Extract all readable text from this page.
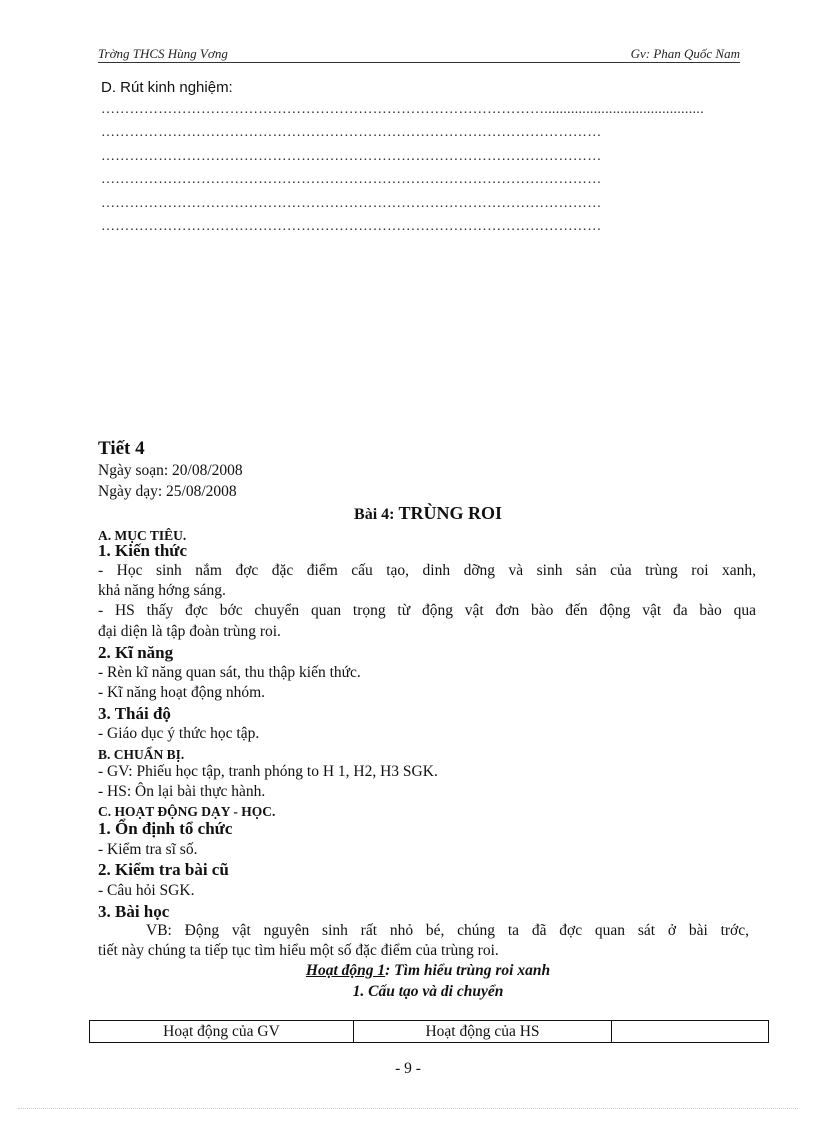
Trờng THCS Hùng Vơng	Gv: Phan Quốc Nam
D. Rút kinh nghiệm:
…………………………………………………………………………………..........................................
……………………………………………………………………………………………
……………………………………………………………………………………………
……………………………………………………………………………………………
……………………………………………………………………………………………
……………………………………………………………………………………………
Tiết 4
Ngày soạn: 20/08/2008
Ngày dạy: 25/08/2008
Bài 4: TRÙNG ROI
A. MỤC TIÊU.
1. Kiến thức
- Học sinh nắm đợc đặc điểm cấu tạo, dinh dỡng và sinh sản của trùng roi xanh,
khả năng hớng sáng.
- HS thấy đợc bớc chuyển quan trọng từ động vật đơn bào đến động vật đa bào qua
đại diện là tập đoàn trùng roi.
2. Kĩ năng
- Rèn kĩ năng quan sát, thu thập kiến thức.
- Kĩ năng hoạt động nhóm.
3. Thái độ
- Giáo dục ý thức học tập.
B. CHUẨN BỊ.
- GV: Phiếu học tập, tranh phóng to H 1, H2, H3 SGK.
- HS: Ôn lại bài thực hành.
C. HOẠT ĐỘNG DẠY - HỌC.
1. Ổn định tổ chức
- Kiểm tra sĩ số.
2. Kiểm tra bài cũ
- Câu hỏi SGK.
3. Bài học
VB: Động vật nguyên sinh rất nhỏ bé, chúng ta đã đợc quan sát ở bài trớc,
tiết này chúng ta tiếp tục tìm hiểu một số đặc điểm của trùng roi.
Hoạt động 1: Tìm hiểu trùng roi xanh
1. Cấu tạo và di chuyển
Hoạt động của GV	Hoạt động của HS	
- 9 -
